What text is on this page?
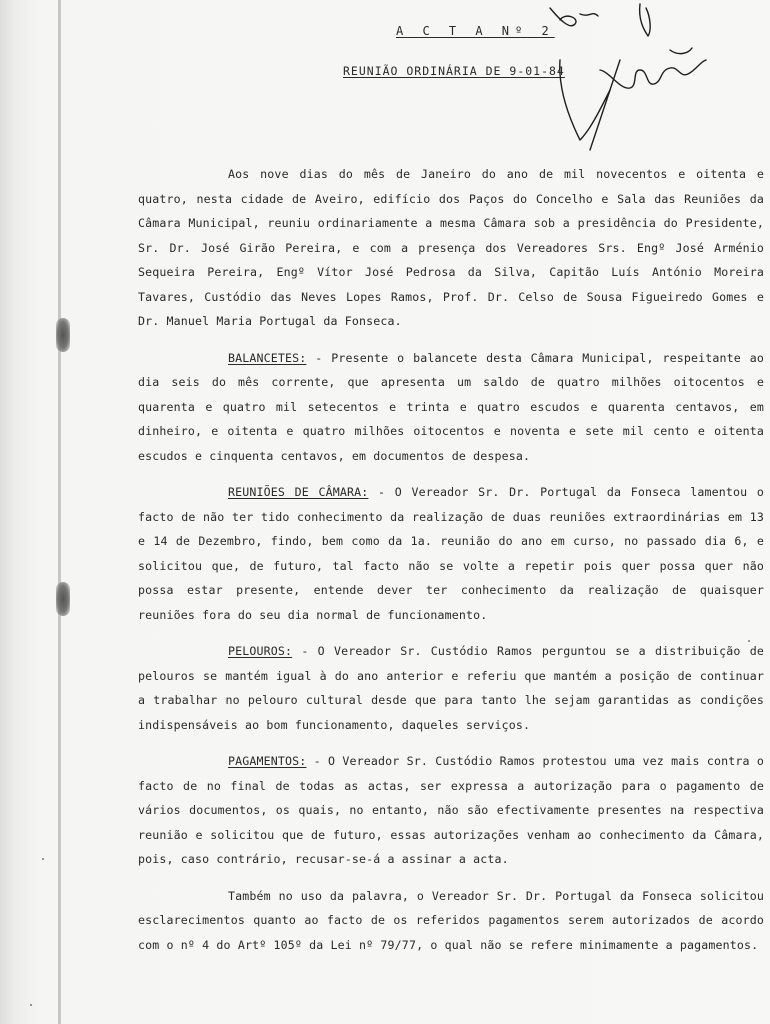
A C T A Nº 2
REUNIÃO ORDINÁRIA DE 9-01-84

Aos nove dias do mês de Janeiro do ano de mil novecentos e oitenta e quatro, nesta cidade de Aveiro, edifício dos Paços do Concelho e Sala das Reuniões da Câmara Municipal, reuniu ordinariamente a mesma Câmara sob a presidência do Presidente, Sr. Dr. José Girão Pereira, e com a presença dos Vereadores Srs. Engº José Arménio Sequeira Pereira, Engº Vítor José Pedrosa da Silva, Capitão Luís António Moreira Tavares, Custódio das Neves Lopes Ramos, Prof. Dr. Celso de Sousa Figueiredo Gomes e Dr. Manuel Maria Portugal da Fonseca.

BALANCETES: - Presente o balancete desta Câmara Municipal, respeitante ao dia seis do mês corrente, que apresenta um saldo de quatro milhões oitocentos e quarenta e quatro mil setecentos e trinta e quatro escudos e quarenta centavos, em dinheiro, e oitenta e quatro milhões oitocentos e noventa e sete mil cento e oitenta escudos e cinquenta centavos, em documentos de despesa.

REUNIÕES DE CÂMARA: - O Vereador Sr. Dr. Portugal da Fonseca lamentou o facto de não ter tido conhecimento da realização de duas reuniões extraordinárias em 13 e 14 de Dezembro, findo, bem como da 1a. reunião do ano em curso, no passado dia 6, e solicitou que, de futuro, tal facto não se volte a repetir pois quer possa quer não possa estar presente, entende dever ter conhecimento da realização de quaisquer reuniões fora do seu dia normal de funcionamento.

PELOUROS: - O Vereador Sr. Custódio Ramos perguntou se a distribuição de pelouros se mantém igual à do ano anterior e referiu que mantém a posição de continuar a trabalhar no pelouro cultural desde que para tanto lhe sejam garantidas as condições indispensáveis ao bom funcionamento, daqueles serviços.

PAGAMENTOS: - O Vereador Sr. Custódio Ramos protestou uma vez mais contra o facto de no final de todas as actas, ser expressa a autorização para o pagamento de vários documentos, os quais, no entanto, não são efectivamente presentes na respectiva reunião e solicitou que de futuro, essas autorizações venham ao conhecimento da Câmara, pois, caso contrário, recusar-se-á a assinar a acta.

Também no uso da palavra, o Vereador Sr. Dr. Portugal da Fonseca solicitou esclarecimentos quanto ao facto de os referidos pagamentos serem autorizados de acordo com o nº 4 do Artº 105º da Lei nº 79/77, o qual não se refere minimamente a pagamentos.
